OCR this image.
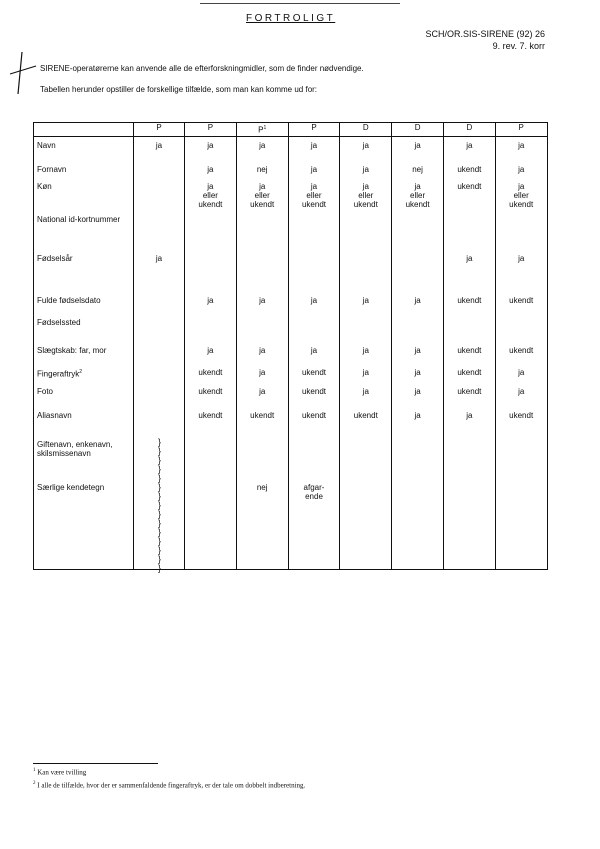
FORTROLIGT
SCH/OR.SIS-SIRENE (92) 26
9. rev. 7. korr
SIRENE-operatørerne kan anvende alle de efterforskningmidler, som de finder nødvendige.
Tabellen herunder opstiller de forskellige tilfælde, som man kan komme ud for:
	P	P	$P^1$	P	D	D	D	P
Navn	ja	ja	ja	ja	ja	ja	ja	ja
Fornavn		ja	nej	ja	ja	nej	ukendt	ja
Køn		ja
eller
ukendt	ja
eller
ukendt	ja
eller
ukendt	ja
eller
ukendt	ja
eller
ukendt	ukendt	ja
eller
ukendt
National id-kortnummer								
Fødselsår	ja						ja	ja
Fulde fødselsdato		ja	ja	ja	ja	ja	ukendt	ukendt
Fødselssted								
Slægtskab: far, mor		ja	ja	ja	ja	ja	ukendt	ukendt
Fingeraftryk$^2$		ukendt	ja	ukendt	ja	ja	ukendt	ja
Foto		ukendt	ja	ukendt	ja	ja	ukendt	ja
Aliasnavn		ukendt	ukendt	ukendt	ukendt	ja	ja	ukendt
Giftenavn, enkenavn, skilsmissenavn								
Særlige kendetegn			nej	afgar-
ende				
}
}
}
}
}
}
}
}
}
}
}
}
}
}
}
$^1$ Kan være tvilling
$^2$ I alle de tilfælde, hvor der er sammenfaldende fingeraftryk, er der tale om dobbelt indberetning.
